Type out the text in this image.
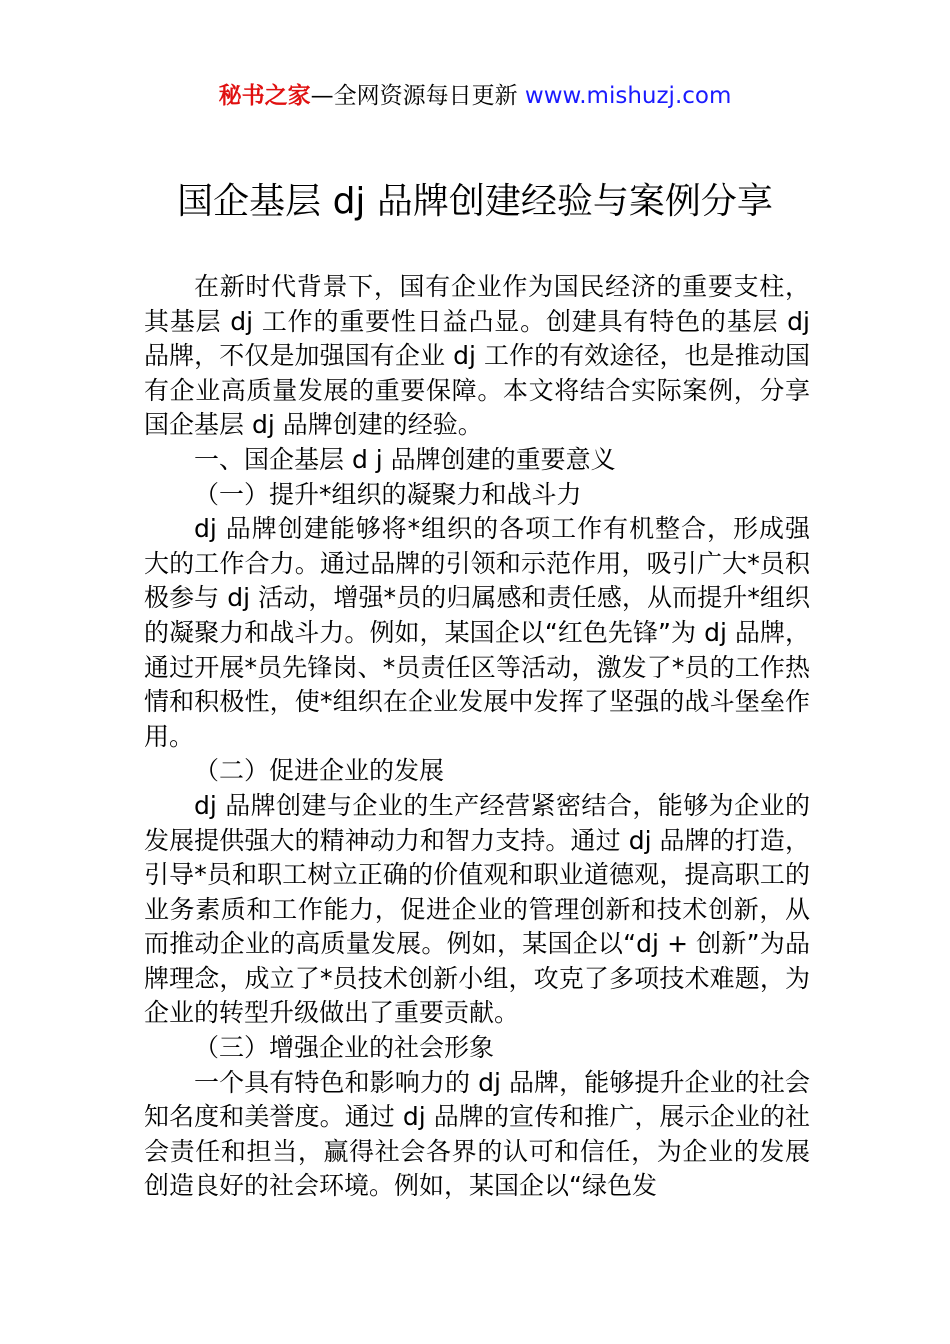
秘书之家—全网资源每日更新 www.mishuzj.com
国企基层 dj 品牌创建经验与案例分享

在新时代背景下，国有企业作为国民经济的重要支柱，其基层 dj 工作的重要性日益凸显。创建具有特色的基层 dj 品牌，不仅是加强国有企业 dj 工作的有效途径，也是推动国有企业高质量发展的重要保障。本文将结合实际案例，分享国企基层 dj 品牌创建的经验。

一、国企基层 d j 品牌创建的重要意义

（一）提升*组织的凝聚力和战斗力

dj 品牌创建能够将*组织的各项工作有机整合，形成强大的工作合力。通过品牌的引领和示范作用，吸引广大*员积极参与 dj 活动，增强*员的归属感和责任感，从而提升*组织的凝聚力和战斗力。例如，某国企以“红色先锋”为 dj 品牌，通过开展*员先锋岗、*员责任区等活动，激发了*员的工作热情和积极性，使*组织在企业发展中发挥了坚强的战斗堡垒作用。

（二）促进企业的发展

dj 品牌创建与企业的生产经营紧密结合，能够为企业的发展提供强大的精神动力和智力支持。通过 dj 品牌的打造，引导*员和职工树立正确的价值观和职业道德观，提高职工的业务素质和工作能力，促进企业的管理创新和技术创新，从而推动企业的高质量发展。例如，某国企以“dj + 创新”为品牌理念，成立了*员技术创新小组，攻克了多项技术难题，为企业的转型升级做出了重要贡献。

（三）增强企业的社会形象

一个具有特色和影响力的 dj 品牌，能够提升企业的社会知名度和美誉度。通过 dj 品牌的宣传和推广，展示企业的社会责任和担当，赢得社会各界的认可和信任，为企业的发展创造良好的社会环境。例如，某国企以“绿色发
